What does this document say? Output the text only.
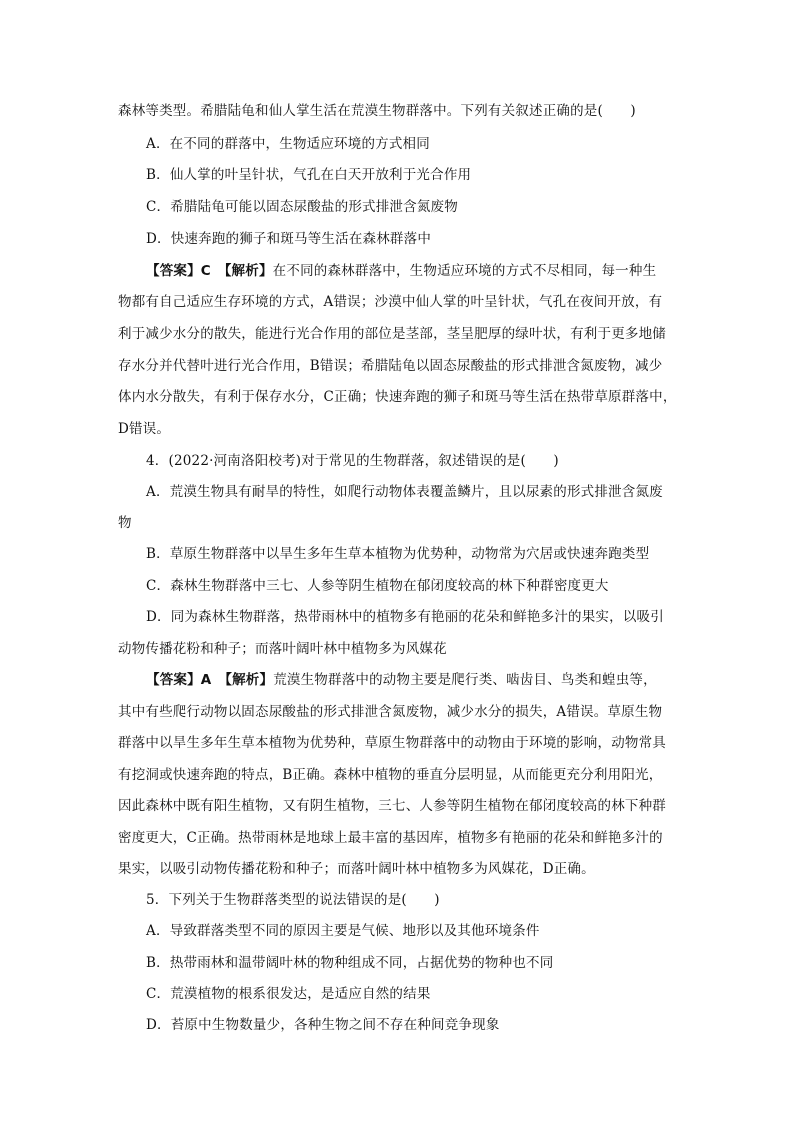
森林等类型。希腊陆龟和仙人掌生活在荒漠生物群落中。下列有关叙述正确的是(　　)
A．在不同的群落中，生物适应环境的方式相同
B．仙人掌的叶呈针状，气孔在白天开放利于光合作用
C．希腊陆龟可能以固态尿酸盐的形式排泄含氮废物
D．快速奔跑的狮子和斑马等生活在森林群落中
【答案】C　【解析】在不同的森林群落中，生物适应环境的方式不尽相同，每一种生
物都有自己适应生存环境的方式，A错误；沙漠中仙人掌的叶呈针状，气孔在夜间开放，有
利于减少水分的散失，能进行光合作用的部位是茎部，茎呈肥厚的绿叶状，有利于更多地储
存水分并代替叶进行光合作用，B错误；希腊陆龟以固态尿酸盐的形式排泄含氮废物，减少
体内水分散失，有利于保存水分，C正确；快速奔跑的狮子和斑马等生活在热带草原群落中，
D错误。
4．(2022·河南洛阳校考)对于常见的生物群落，叙述错误的是(　　)
A．荒漠生物具有耐旱的特性，如爬行动物体表覆盖鳞片，且以尿素的形式排泄含氮废
物
B．草原生物群落中以旱生多年生草本植物为优势种，动物常为穴居或快速奔跑类型
C．森林生物群落中三七、人参等阴生植物在郁闭度较高的林下种群密度更大
D．同为森林生物群落，热带雨林中的植物多有艳丽的花朵和鲜艳多汁的果实，以吸引
动物传播花粉和种子；而落叶阔叶林中植物多为风媒花
【答案】A　【解析】荒漠生物群落中的动物主要是爬行类、啮齿目、鸟类和蝗虫等，
其中有些爬行动物以固态尿酸盐的形式排泄含氮废物，减少水分的损失，A错误。草原生物
群落中以旱生多年生草本植物为优势种，草原生物群落中的动物由于环境的影响，动物常具
有挖洞或快速奔跑的特点，B正确。森林中植物的垂直分层明显，从而能更充分利用阳光，
因此森林中既有阳生植物，又有阴生植物，三七、人参等阴生植物在郁闭度较高的林下种群
密度更大，C正确。热带雨林是地球上最丰富的基因库，植物多有艳丽的花朵和鲜艳多汁的
果实，以吸引动物传播花粉和种子；而落叶阔叶林中植物多为风媒花，D正确。
5．下列关于生物群落类型的说法错误的是(　　)
A．导致群落类型不同的原因主要是气候、地形以及其他环境条件
B．热带雨林和温带阔叶林的物种组成不同，占据优势的物种也不同
C．荒漠植物的根系很发达，是适应自然的结果
D．苔原中生物数量少，各种生物之间不存在种间竞争现象
